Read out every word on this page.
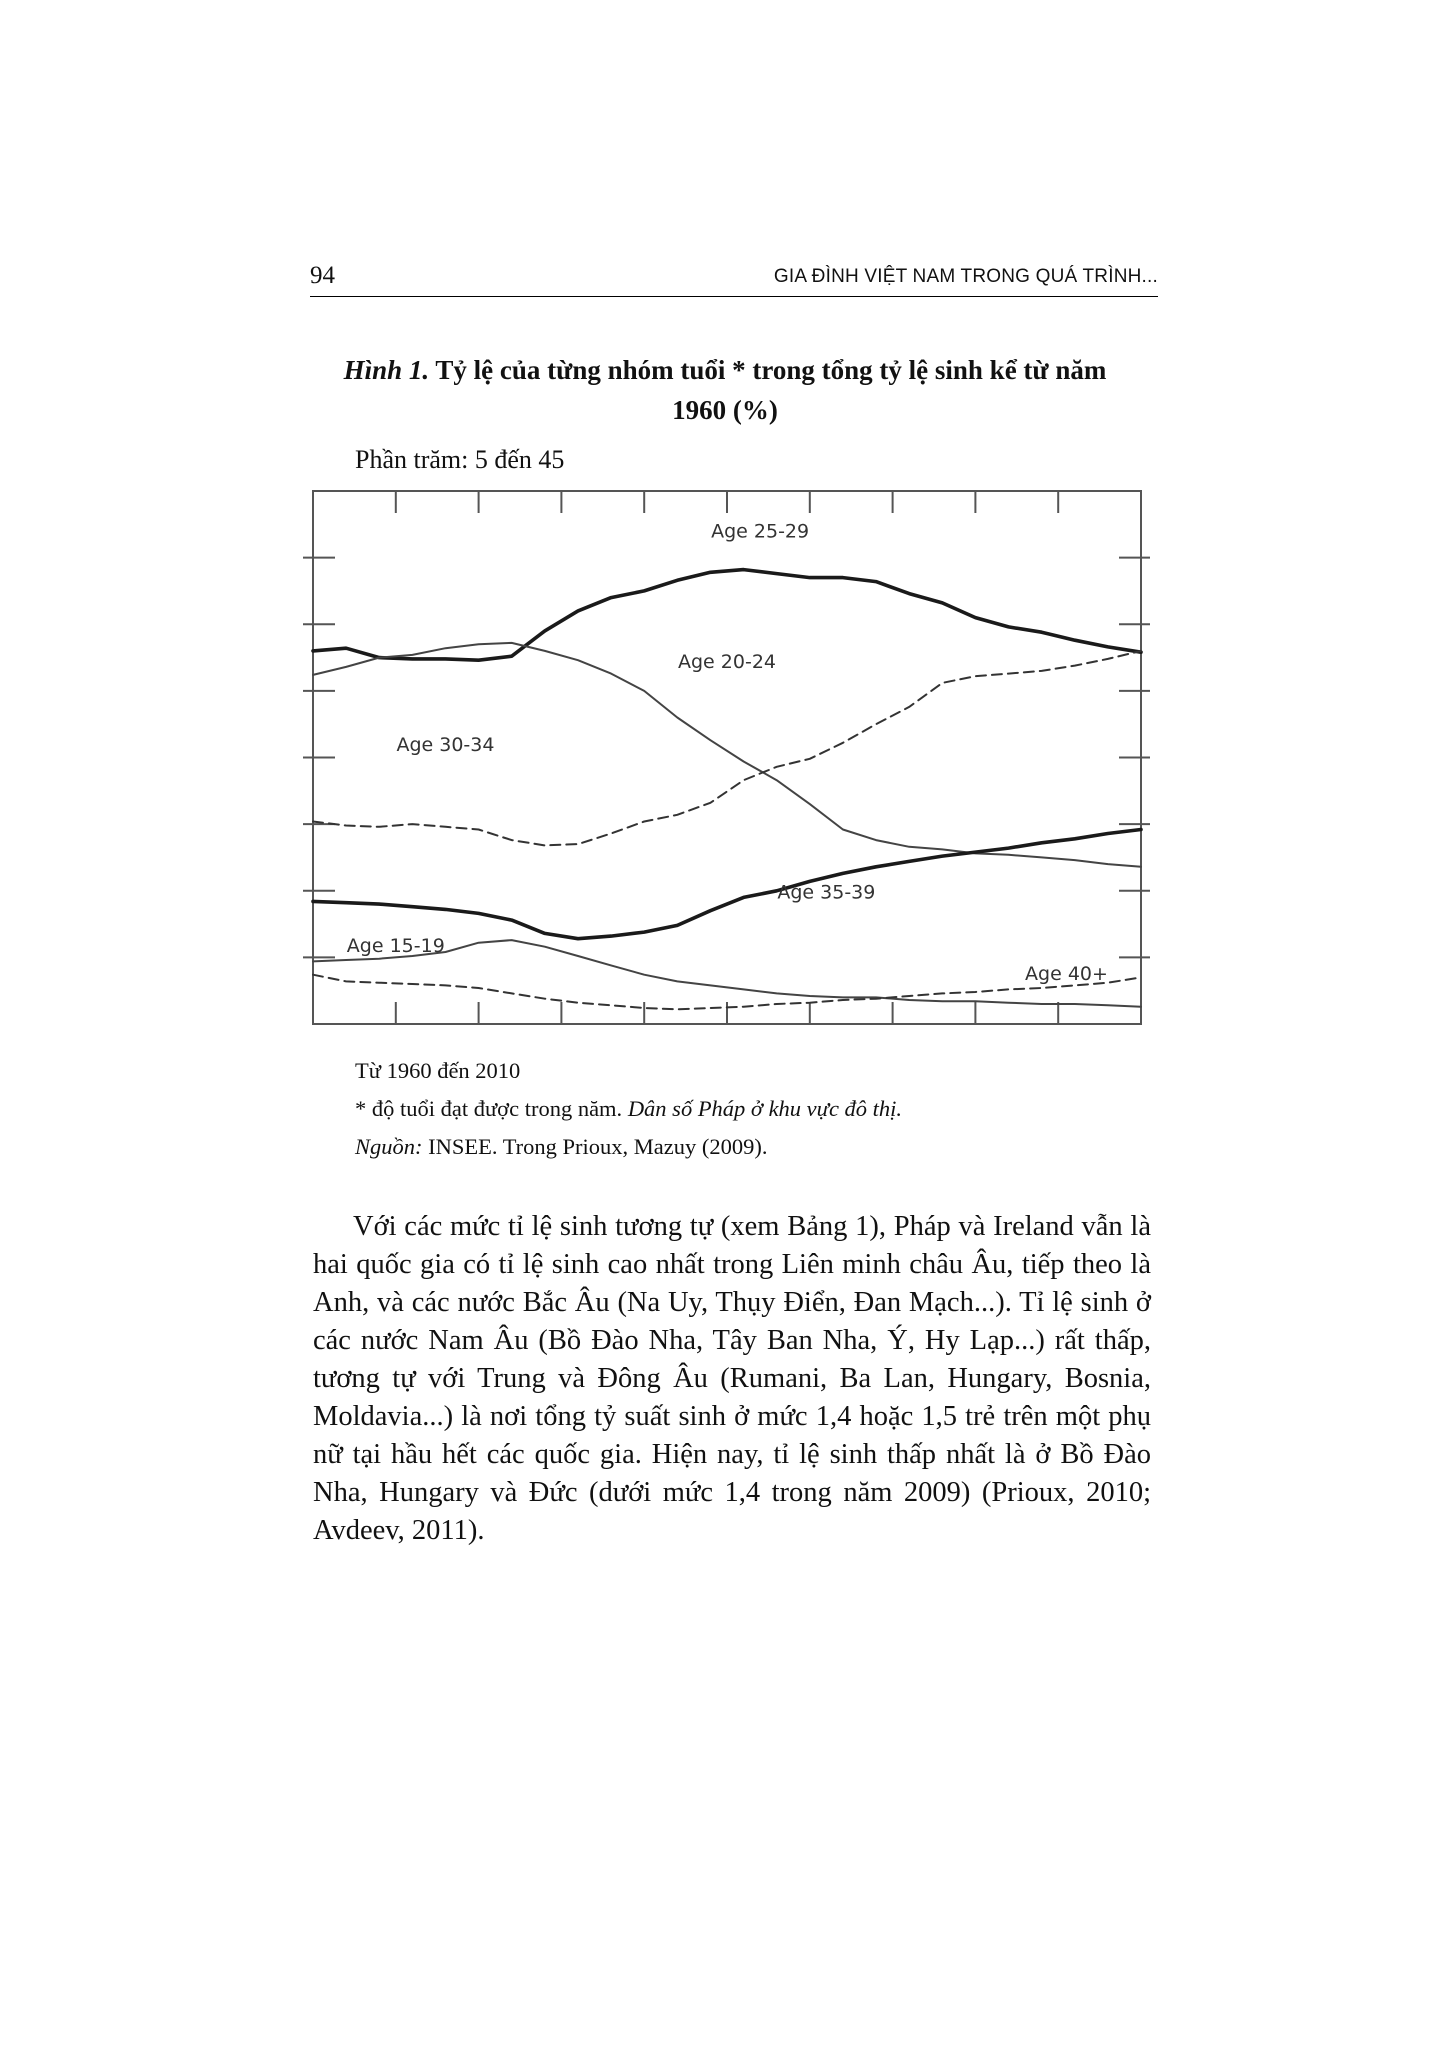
94	GIA ĐÌNH VIỆT NAM TRONG QUÁ TRÌNH...
Hình 1. Tỷ lệ của từng nhóm tuổi * trong tổng tỷ lệ sinh kể từ năm 1960 (%)
Phần trăm: 5 đến 45
Age 25-29
Age 20-24
Age 30-34
Age 35-39
Age 15-19
Age 40+
Từ 1960 đến 2010
* độ tuổi đạt được trong năm. Dân số Pháp ở khu vực đô thị.
Nguồn: INSEE. Trong Prioux, Mazuy (2009).

Với các mức tỉ lệ sinh tương tự (xem Bảng 1), Pháp và Ireland vẫn là hai quốc gia có tỉ lệ sinh cao nhất trong Liên minh châu Âu, tiếp theo là Anh, và các nước Bắc Âu (Na Uy, Thụy Điển, Đan Mạch...). Tỉ lệ sinh ở các nước Nam Âu (Bồ Đào Nha, Tây Ban Nha, Ý, Hy Lạp...) rất thấp, tương tự với Trung và Đông Âu (Rumani, Ba Lan, Hungary, Bosnia, Moldavia...) là nơi tổng tỷ suất sinh ở mức 1,4 hoặc 1,5 trẻ trên một phụ nữ tại hầu hết các quốc gia. Hiện nay, tỉ lệ sinh thấp nhất là ở Bồ Đào Nha, Hungary và Đức (dưới mức 1,4 trong năm 2009) (Prioux, 2010; Avdeev, 2011).
